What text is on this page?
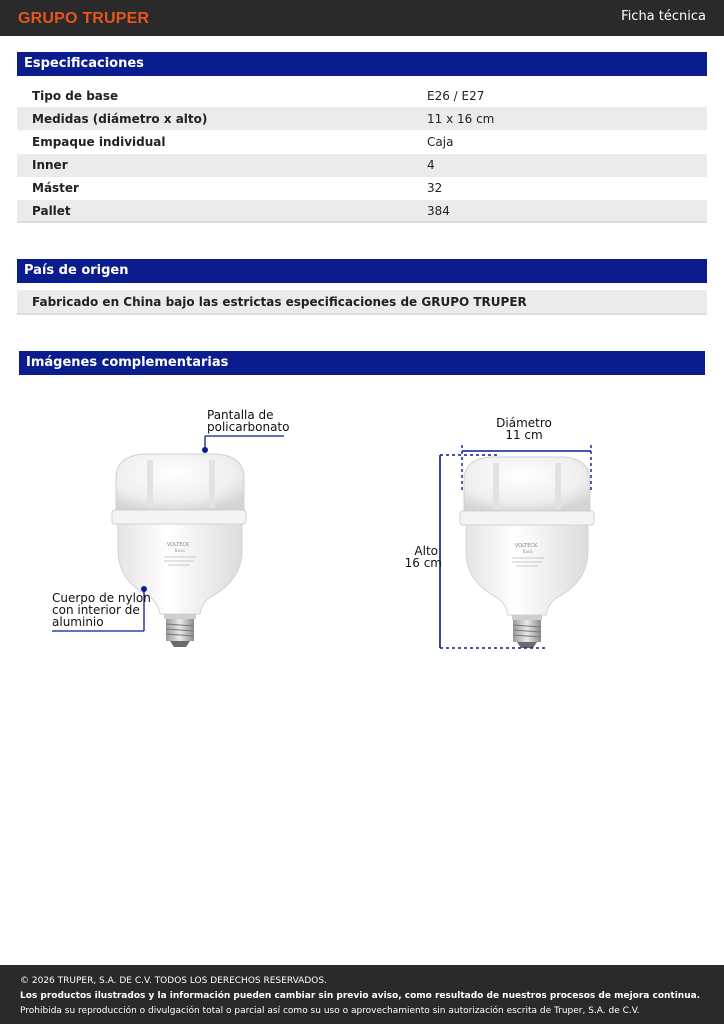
GRUPO TRUPER	Ficha técnica
Especificaciones
Tipo de base	E26 / E27
Medidas (diámetro x alto)	11 x 16 cm
Empaque individual	Caja
Inner	4
Máster	32
Pallet	384
País de origen
Fabricado en China bajo las estrictas especificaciones de GRUPO TRUPER
Imágenes complementarias
VOLTECK
Basic
Pantalla de
policarbonato
Cuerpo de nylon
con interior de
aluminio
VOLTECK
Basic
Diámetro
11 cm
Alto
16 cm
© 2026 TRUPER, S.A. DE C.V. TODOS LOS DERECHOS RESERVADOS.
Los productos ilustrados y la información pueden cambiar sin previo aviso, como resultado de nuestros procesos de mejora continua.
Prohibida su reproducción o divulgación total o parcial así como su uso o aprovechamiento sin autorización escrita de Truper, S.A. de C.V.
